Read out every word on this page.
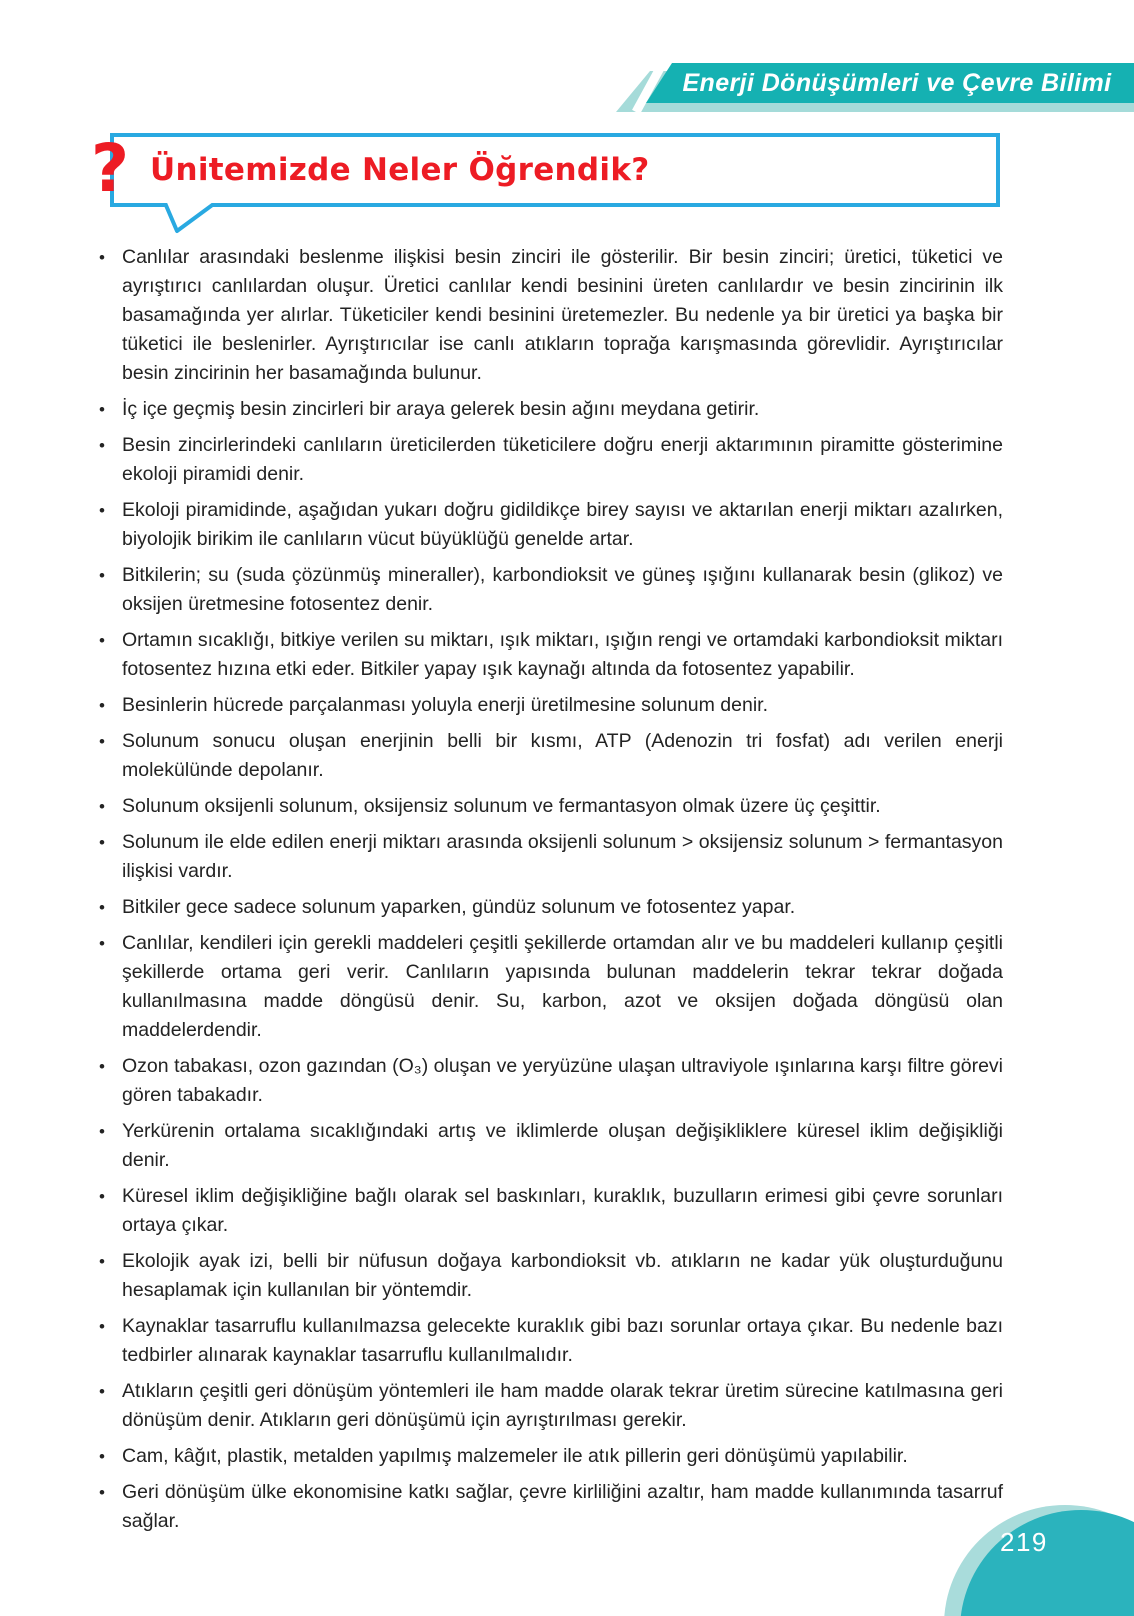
Enerji Dönüşümleri ve Çevre Bilimi
Ünitemizde Neler Öğrendik?
?
• Canlılar arasındaki beslenme ilişkisi besin zinciri ile gösterilir. Bir besin zinciri; üretici, tüketici ve ayrıştırıcı canlılardan oluşur. Üretici canlılar kendi besinini üreten canlılardır ve besin zincirinin ilk basamağında yer alırlar. Tüketiciler kendi besinini üretemezler. Bu nedenle ya bir üretici ya başka bir tüketici ile beslenirler. Ayrıştırıcılar ise canlı atıkların toprağa karışmasında görevlidir. Ayrıştırıcılar besin zincirinin her basamağında bulunur.
• İç içe geçmiş besin zincirleri bir araya gelerek besin ağını meydana getirir.
• Besin zincirlerindeki canlıların üreticilerden tüketicilere doğru enerji aktarımının piramitte gösterimine ekoloji piramidi denir.
• Ekoloji piramidinde, aşağıdan yukarı doğru gidildikçe birey sayısı ve aktarılan enerji miktarı azalırken, biyolojik birikim ile canlıların vücut büyüklüğü genelde artar.
• Bitkilerin; su (suda çözünmüş mineraller), karbondioksit ve güneş ışığını kullanarak besin (glikoz) ve oksijen üretmesine fotosentez denir.
• Ortamın sıcaklığı, bitkiye verilen su miktarı, ışık miktarı, ışığın rengi ve ortamdaki karbondioksit miktarı fotosentez hızına etki eder. Bitkiler yapay ışık kaynağı altında da fotosentez yapabilir.
• Besinlerin hücrede parçalanması yoluyla enerji üretilmesine solunum denir.
• Solunum sonucu oluşan enerjinin belli bir kısmı, ATP (Adenozin tri fosfat) adı verilen enerji molekülünde depolanır.
• Solunum oksijenli solunum, oksijensiz solunum ve fermantasyon olmak üzere üç çeşittir.
• Solunum ile elde edilen enerji miktarı arasında oksijenli solunum > oksijensiz solunum > fermantasyon ilişkisi vardır.
• Bitkiler gece sadece solunum yaparken, gündüz solunum ve fotosentez yapar.
• Canlılar, kendileri için gerekli maddeleri çeşitli şekillerde ortamdan alır ve bu maddeleri kullanıp çeşitli şekillerde ortama geri verir. Canlıların yapısında bulunan maddelerin tekrar tekrar doğada kullanılmasına madde döngüsü denir. Su, karbon, azot ve oksijen doğada döngüsü olan maddelerdendir.
• Ozon tabakası, ozon gazından (O₃) oluşan ve yeryüzüne ulaşan ultraviyole ışınlarına karşı filtre görevi gören tabakadır.
• Yerkürenin ortalama sıcaklığındaki artış ve iklimlerde oluşan değişikliklere küresel iklim değişikliği denir.
• Küresel iklim değişikliğine bağlı olarak sel baskınları, kuraklık, buzulların erimesi gibi çevre sorunları ortaya çıkar.
• Ekolojik ayak izi, belli bir nüfusun doğaya karbondioksit vb. atıkların ne kadar yük oluşturduğunu hesaplamak için kullanılan bir yöntemdir.
• Kaynaklar tasarruflu kullanılmazsa gelecekte kuraklık gibi bazı sorunlar ortaya çıkar. Bu nedenle bazı tedbirler alınarak kaynaklar tasarruflu kullanılmalıdır.
• Atıkların çeşitli geri dönüşüm yöntemleri ile ham madde olarak tekrar üretim sürecine katılmasına geri dönüşüm denir. Atıkların geri dönüşümü için ayrıştırılması gerekir.
• Cam, kâğıt, plastik, metalden yapılmış malzemeler ile atık pillerin geri dönüşümü yapılabilir.
• Geri dönüşüm ülke ekonomisine katkı sağlar, çevre kirliliğini azaltır, ham madde kullanımında tasarruf sağlar.
219
